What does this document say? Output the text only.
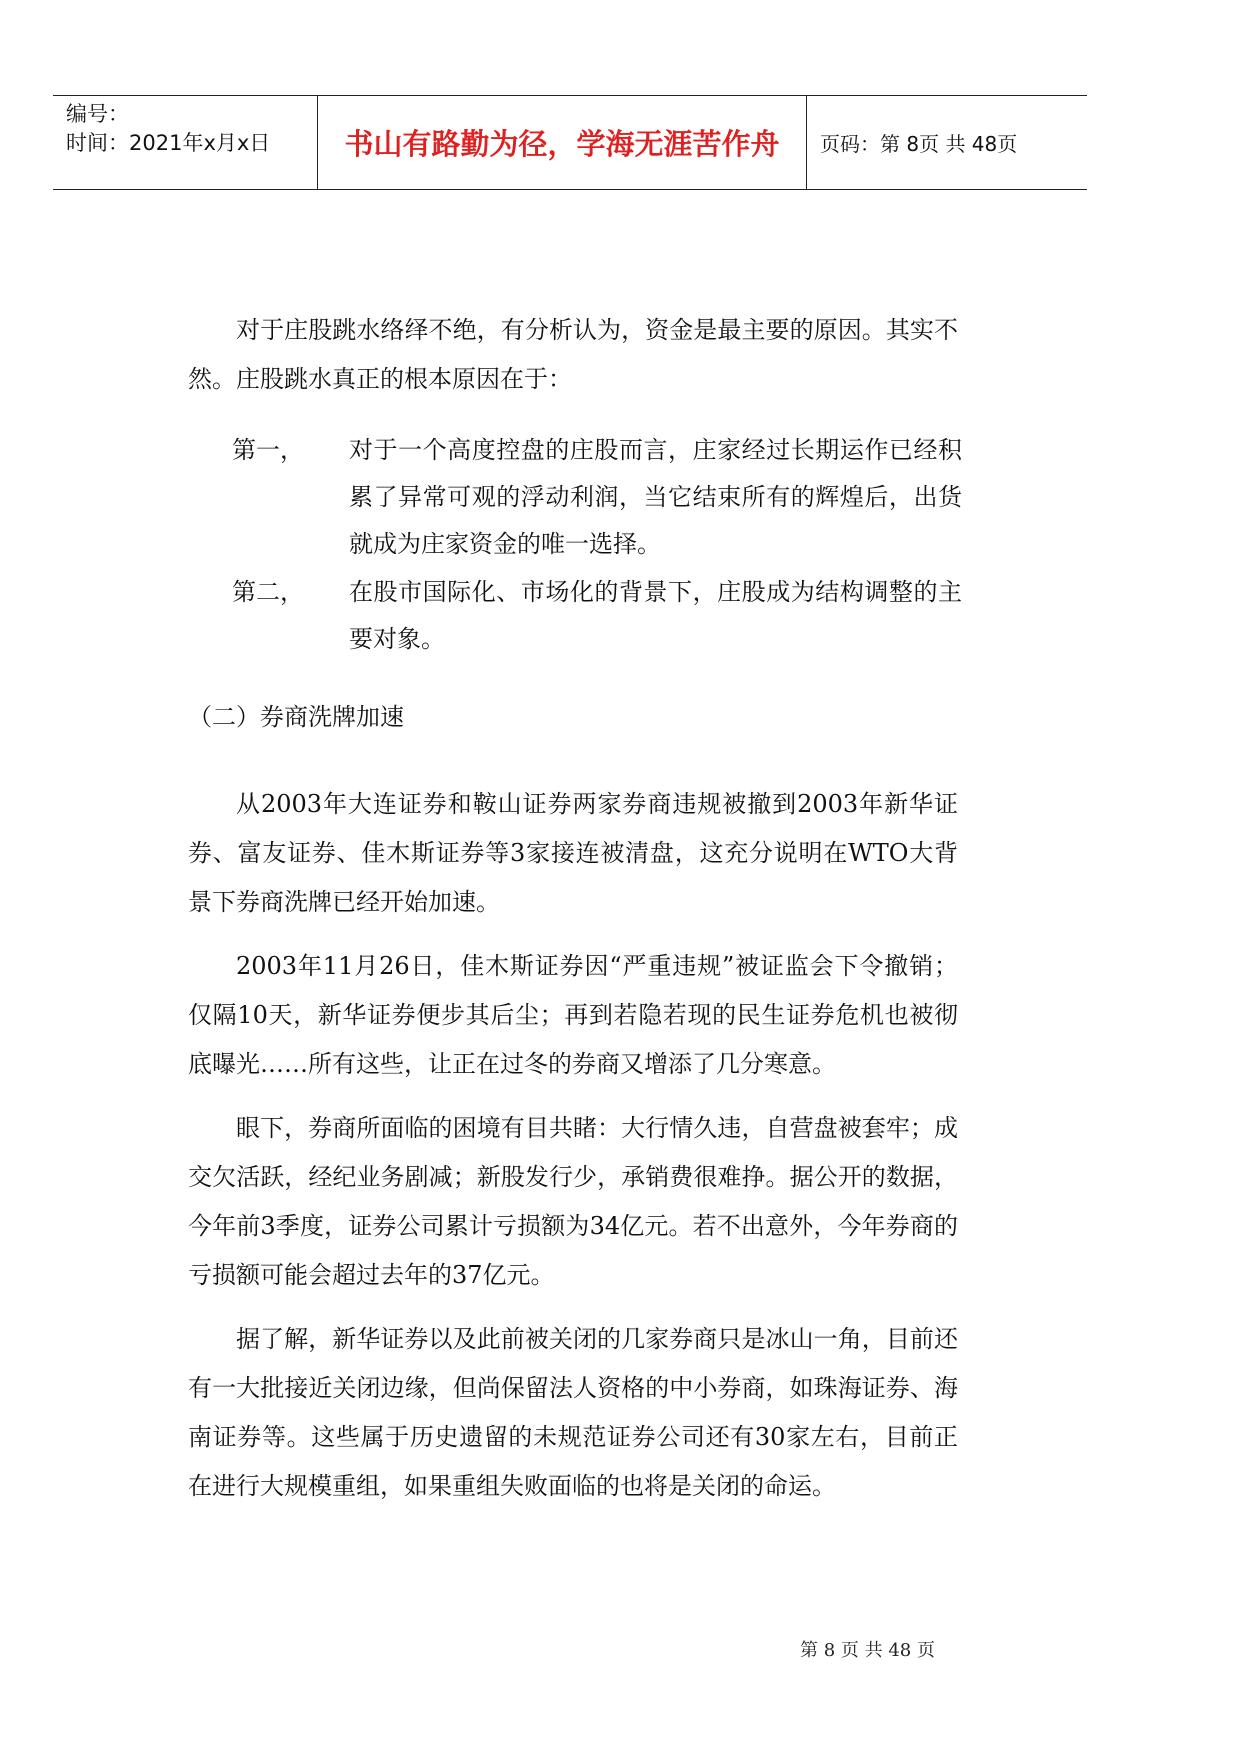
编号：
时间：2021年x月x日	书山有路勤为径，学海无涯苦作舟	页码：第 8页 共 48页

对于庄股跳水络绎不绝，有分析认为，资金是最主要的原因。其实不然。庄股跳水真正的根本原因在于：

第一， 对于一个高度控盘的庄股而言，庄家经过长期运作已经积累了异常可观的浮动利润，当它结束所有的辉煌后，出货就成为庄家资金的唯一选择。
第二， 在股市国际化、市场化的背景下，庄股成为结构调整的主要对象。
（二）券商洗牌加速

从2003年大连证券和鞍山证券两家券商违规被撤到2003年新华证券、富友证券、佳木斯证券等3家接连被清盘，这充分说明在WTO大背景下券商洗牌已经开始加速。

2003年11月26日，佳木斯证券因“严重违规”被证监会下令撤销；仅隔10天，新华证券便步其后尘；再到若隐若现的民生证券危机也被彻底曝光……所有这些，让正在过冬的券商又增添了几分寒意。

眼下，券商所面临的困境有目共睹：大行情久违，自营盘被套牢；成交欠活跃，经纪业务剧减；新股发行少，承销费很难挣。据公开的数据，今年前3季度，证券公司累计亏损额为34亿元。若不出意外，今年券商的亏损额可能会超过去年的37亿元。

据了解，新华证券以及此前被关闭的几家券商只是冰山一角，目前还有一大批接近关闭边缘，但尚保留法人资格的中小券商，如珠海证券、海南证券等。这些属于历史遗留的未规范证券公司还有30家左右，目前正在进行大规模重组，如果重组失败面临的也将是关闭的命运。

第 8 页 共 48 页
